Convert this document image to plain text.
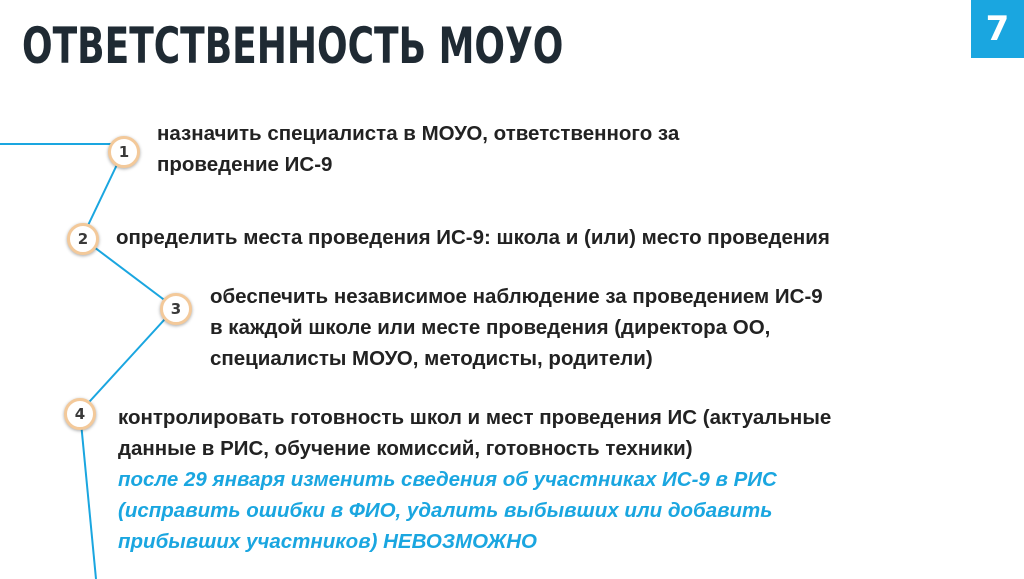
ОТВЕТСТВЕННОСТЬ МОУО	7
1
назначить специалиста в МОУО, ответственного за
проведение ИС-9
2 определить места проведения ИС-9: школа и (или) место проведения
3
обеспечить независимое наблюдение за проведением ИС-9
в каждой школе или месте проведения (директора ОО,
специалисты МОУО, методисты, родители)
4 контролировать готовность школ и мест проведения ИС (актуальные
данные в РИС, обучение комиссий, готовность техники)
после 29 января изменить сведения об участниках ИС-9 в РИС
(исправить ошибки в ФИО, удалить выбывших или добавить
прибывших участников) НЕВОЗМОЖНО
